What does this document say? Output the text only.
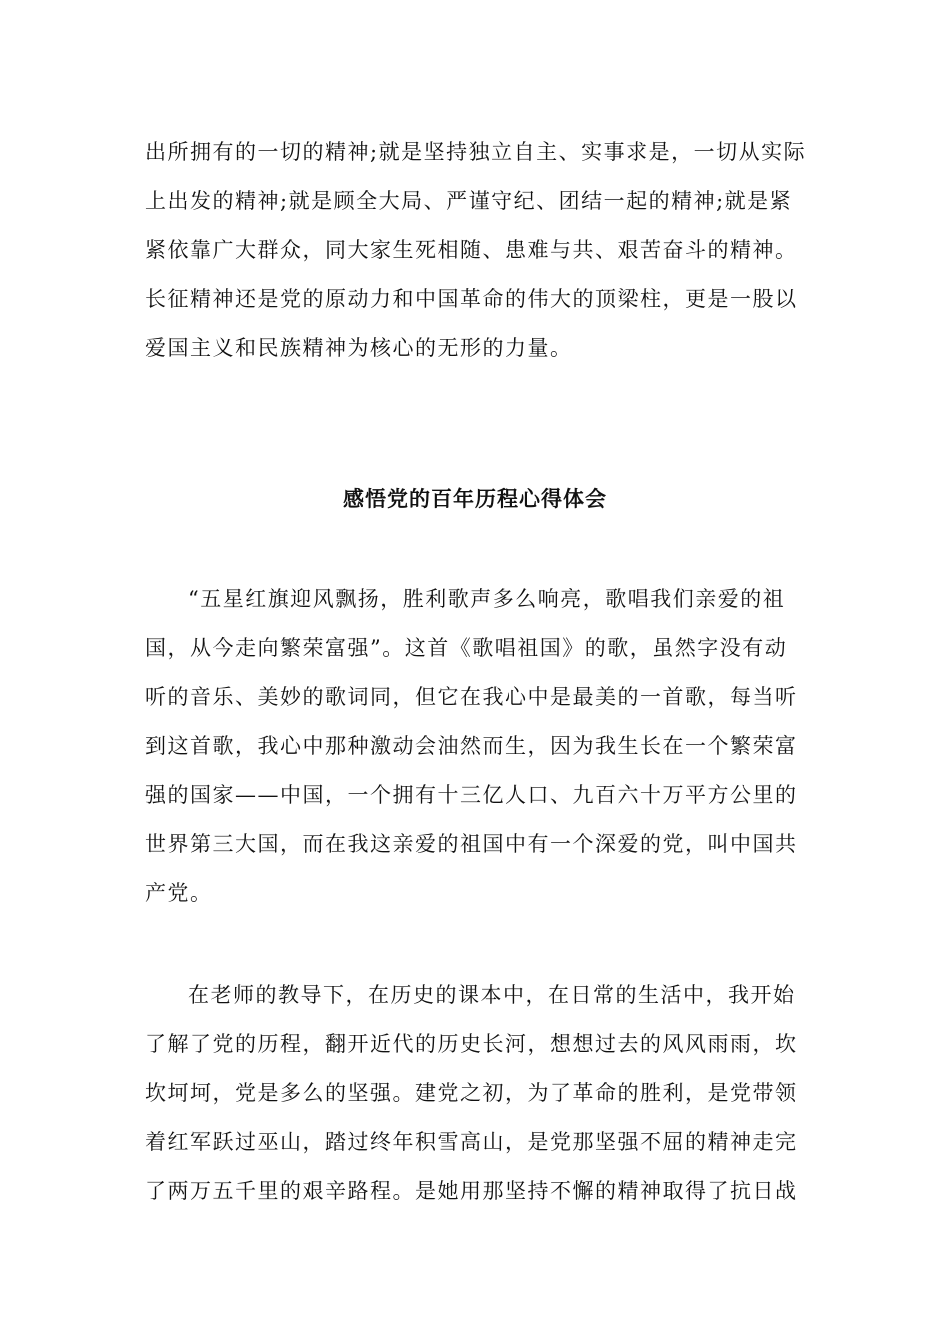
出所拥有的一切的精神;就是坚持独立自主、实事求是，一切从实际
上出发的精神;就是顾全大局、严谨守纪、团结一起的精神;就是紧
紧依靠广大群众，同大家生死相随、患难与共、艰苦奋斗的精神。
长征精神还是党的原动力和中国革命的伟大的顶梁柱，更是一股以
爱国主义和民族精神为核心的无形的力量。
感悟党的百年历程心得体会
“五星红旗迎风飘扬，胜利歌声多么响亮，歌唱我们亲爱的祖
国，从今走向繁荣富强”。这首《歌唱祖国》的歌，虽然字没有动
听的音乐、美妙的歌词同，但它在我心中是最美的一首歌，每当听
到这首歌，我心中那种激动会油然而生，因为我生长在一个繁荣富
强的国家——中国，一个拥有十三亿人口、九百六十万平方公里的
世界第三大国，而在我这亲爱的祖国中有一个深爱的党，叫中国共
产党。
在老师的教导下，在历史的课本中，在日常的生活中，我开始
了解了党的历程，翻开近代的历史长河，想想过去的风风雨雨，坎
坎坷坷，党是多么的坚强。建党之初，为了革命的胜利，是党带领
着红军跃过巫山，踏过终年积雪高山，是党那坚强不屈的精神走完
了两万五千里的艰辛路程。是她用那坚持不懈的精神取得了抗日战
